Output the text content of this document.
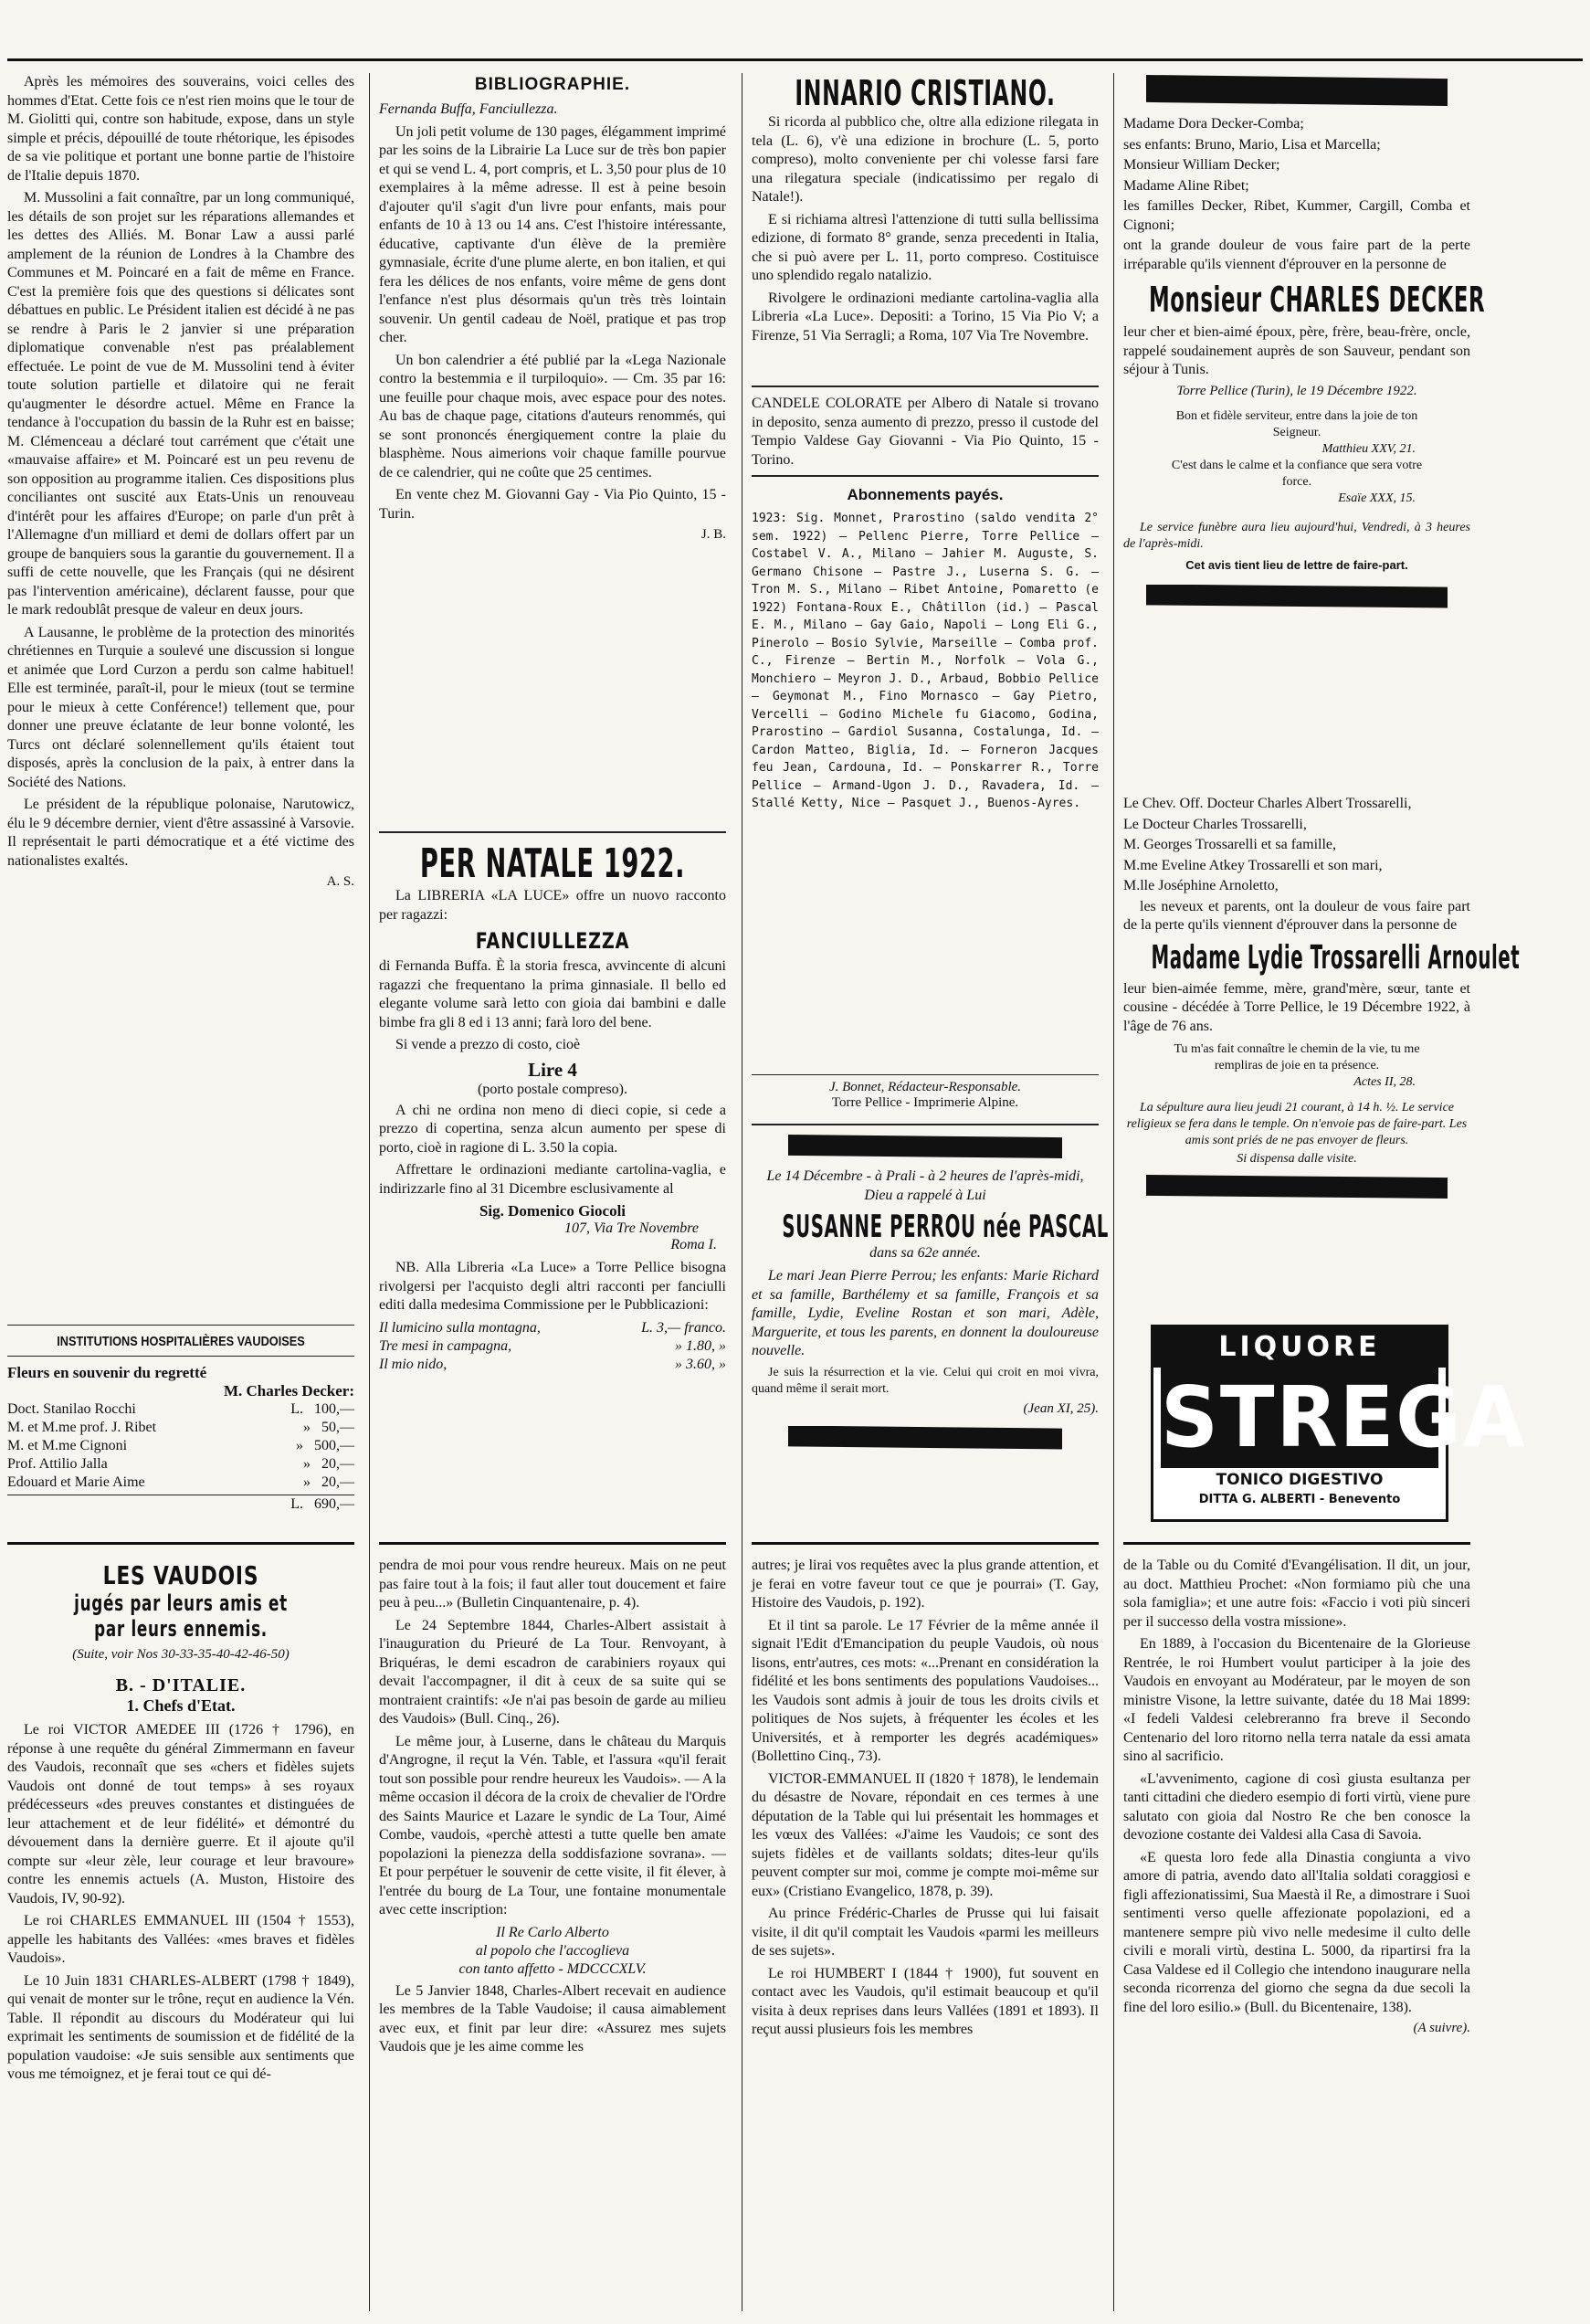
Après les mémoires des souverains, voici celles des hommes d'Etat. Cette fois ce n'est rien moins que le tour de M. Giolitti qui, contre son habitude, expose, dans un style simple et précis, dépouillé de toute rhétorique, les épisodes de sa vie politique et portant une bonne partie de l'histoire de l'Italie depuis 1870.

M. Mussolini a fait connaître, par un long communiqué, les détails de son projet sur les réparations allemandes et les dettes des Alliés. M. Bonar Law a aussi parlé amplement de la réunion de Londres à la Chambre des Communes et M. Poincaré en a fait de même en France. C'est la première fois que des questions si délicates sont débattues en public. Le Président italien est décidé à ne pas se rendre à Paris le 2 janvier si une préparation diplomatique convenable n'est pas préalablement effectuée. Le point de vue de M. Mussolini tend à éviter toute solution partielle et dilatoire qui ne ferait qu'augmenter le désordre actuel. Même en France la tendance à l'occupation du bassin de la Ruhr est en baisse; M. Clémenceau a déclaré tout carrément que c'était une «mauvaise affaire» et M. Poincaré est un peu revenu de son opposition au programme italien. Ces dispositions plus conciliantes ont suscité aux Etats-Unis un renouveau d'intérêt pour les affaires d'Europe; on parle d'un prêt à l'Allemagne d'un milliard et demi de dollars offert par un groupe de banquiers sous la garantie du gouvernement. Il a suffi de cette nouvelle, que les Français (qui ne désirent pas l'intervention américaine), déclarent fausse, pour que le mark redoublât presque de valeur en deux jours.

A Lausanne, le problème de la protection des minorités chrétiennes en Turquie a soulevé une discussion si longue et animée que Lord Curzon a perdu son calme habituel! Elle est terminée, paraît-il, pour le mieux (tout se termine pour le mieux à cette Conférence!) tellement que, pour donner une preuve éclatante de leur bonne volonté, les Turcs ont déclaré solennellement qu'ils étaient tout disposés, après la conclusion de la paix, à entrer dans la Société des Nations.

Le président de la république polonaise, Narutowicz, élu le 9 décembre dernier, vient d'être assassiné à Varsovie. Il représentait le parti démocratique et a été victime des nationalistes exaltés.

A. S.
INSTITUTIONS HOSPITALIÈRES VAUDOISES
Fleurs en souvenir du regretté
M. Charles Decker:
Doct. Stanilao Rocchi	L. 100,—
M. et M.me prof. J. Ribet	» 50,—
M. et M.me Cignoni	» 500,—
Prof. Attilio Jalla	» 20,—
Edouard et Marie Aime	» 20,—
L. 690,—
LES VAUDOIS
jugés par leurs amis et par leurs ennemis.
(Suite, voir Nos 30-33-35-40-42-46-50)
B. - D'ITALIE.
1. Chefs d'Etat.

Le roi VICTOR AMEDEE III (1726 † 1796), en réponse à une requête du général Zimmermann en faveur des Vaudois, reconnaît que ses «chers et fidèles sujets Vaudois ont donné de tout temps» à ses royaux prédécesseurs «des preuves constantes et distinguées de leur attachement et de leur fidélité» et démontré du dévouement dans la dernière guerre. Et il ajoute qu'il compte sur «leur zèle, leur courage et leur bravoure» contre les ennemis actuels (A. Muston, Histoire des Vaudois, IV, 90-92).

Le roi CHARLES EMMANUEL III (1504 † 1553), appelle les habitants des Vallées: «mes braves et fidèles Vaudois».

Le 10 Juin 1831 CHARLES-ALBERT (1798 † 1849), qui venait de monter sur le trône, reçut en audience la Vén. Table. Il répondit au discours du Modérateur qui lui exprimait les sentiments de soumission et de fidélité de la population vaudoise: «Je suis sensible aux sentiments que vous me témoignez, et je ferai tout ce qui dé-

BIBLIOGRAPHIE.

Fernanda Buffa, Fanciullezza.

Un joli petit volume de 130 pages, élégamment imprimé par les soins de la Librairie La Luce sur de très bon papier et qui se vend L. 4, port compris, et L. 3,50 pour plus de 10 exemplaires à la même adresse. Il est à peine besoin d'ajouter qu'il s'agit d'un livre pour enfants, mais pour enfants de 10 à 13 ou 14 ans. C'est l'histoire intéressante, éducative, captivante d'un élève de la première gymnasiale, écrite d'une plume alerte, en bon italien, et qui fera les délices de nos enfants, voire même de gens dont l'enfance n'est plus désormais qu'un très très lointain souvenir. Un gentil cadeau de Noël, pratique et pas trop cher.

Un bon calendrier a été publié par la «Lega Nazionale contro la bestemmia e il turpiloquio». — Cm. 35 par 16: une feuille pour chaque mois, avec espace pour des notes. Au bas de chaque page, citations d'auteurs renommés, qui se sont prononcés énergiquement contre la plaie du blasphème. Nous aimerions voir chaque famille pourvue de ce calendrier, qui ne coûte que 25 centimes.

En vente chez M. Giovanni Gay - Via Pio Quinto, 15 - Turin.

J. B.
PER NATALE 1922.

La LIBRERIA «LA LUCE» offre un nuovo racconto per ragazzi:

FANCIULLEZZA

di Fernanda Buffa. È la storia fresca, avvincente di alcuni ragazzi che frequentano la prima ginnasiale. Il bello ed elegante volume sarà letto con gioia dai bambini e dalle bimbe fra gli 8 ed i 13 anni; farà loro del bene.

Si vende a prezzo di costo, cioè

Lire 4
(porto postale compreso).

A chi ne ordina non meno di dieci copie, si cede a prezzo di copertina, senza alcun aumento per spese di porto, cioè in ragione di L. 3.50 la copia.

Affrettare le ordinazioni mediante cartolina-vaglia, e indirizzarle fino al 31 Dicembre esclusivamente al

Sig. Domenico Giocoli
107, Via Tre Novembre
Roma I.

NB. Alla Libreria «La Luce» a Torre Pellice bisogna rivolgersi per l'acquisto degli altri racconti per fanciulli editi dalla medesima Commissione per le Pubblicazioni:

Il lumicino sulla montagna,	L. 3,— franco.
Tre mesi in campagna,	» 1.80, »
Il mio nido,	» 3.60, »

pendra de moi pour vous rendre heureux. Mais on ne peut pas faire tout à la fois; il faut aller tout doucement et faire peu à peu...» (Bulletin Cinquantenaire, p. 4).

Le 24 Septembre 1844, Charles-Albert assistait à l'inauguration du Prieuré de La Tour. Renvoyant, à Briquéras, le demi escadron de carabiniers royaux qui devait l'accompagner, il dit à ceux de sa suite qui se montraient craintifs: «Je n'ai pas besoin de garde au milieu des Vaudois» (Bull. Cinq., 26).

Le même jour, à Luserne, dans le château du Marquis d'Angrogne, il reçut la Vén. Table, et l'assura «qu'il ferait tout son possible pour rendre heureux les Vaudois». — A la même occasion il décora de la croix de chevalier de l'Ordre des Saints Maurice et Lazare le syndic de La Tour, Aimé Combe, vaudois, «perchè attesti a tutte quelle ben amate popolazioni la pienezza della soddisfazione sovrana». — Et pour perpétuer le souvenir de cette visite, il fit élever, à l'entrée du bourg de La Tour, une fontaine monumentale avec cette inscription:

Il Re Carlo Alberto
al popolo che l'accoglieva
con tanto affetto - MDCCCXLV.

Le 5 Janvier 1848, Charles-Albert recevait en audience les membres de la Table Vaudoise; il causa aimablement avec eux, et finit par leur dire: «Assurez mes sujets Vaudois que je les aime comme les

INNARIO CRISTIANO.

Si ricorda al pubblico che, oltre alla edizione rilegata in tela (L. 6), v'è una edizione in brochure (L. 5, porto compreso), molto conveniente per chi volesse farsi fare una rilegatura speciale (indicatissimo per regalo di Natale!).

E si richiama altresì l'attenzione di tutti sulla bellissima edizione, di formato 8° grande, senza precedenti in Italia, che si può avere per L. 11, porto compreso. Costituisce uno splendido regalo natalizio.

Rivolgere le ordinazioni mediante cartolina-vaglia alla Libreria «La Luce». Depositi: a Torino, 15 Via Pio V; a Firenze, 51 Via Serragli; a Roma, 107 Via Tre Novembre.

CANDELE COLORATE per Albero di Natale si trovano in deposito, senza aumento di prezzo, presso il custode del Tempio Valdese Gay Giovanni - Via Pio Quinto, 15 - Torino.

Abonnements payés.

1923: Sig. Monnet, Prarostino (saldo vendita 2° sem. 1922) — Pellenc Pierre, Torre Pellice — Costabel V. A., Milano — Jahier M. Auguste, S. Germano Chisone — Pastre J., Luserna S. G. — Tron M. S., Milano — Ribet Antoine, Pomaretto (e 1922) Fontana-Roux E., Châtillon (id.) — Pascal E. M., Milano — Gay Gaio, Napoli — Long Eli G., Pinerolo — Bosio Sylvie, Marseille — Comba prof. C., Firenze — Bertin M., Norfolk — Vola G., Monchiero — Meyron J. D., Arbaud, Bobbio Pellice — Geymonat M., Fino Mornasco — Gay Pietro, Vercelli — Godino Michele fu Giacomo, Godina, Prarostino — Gardiol Susanna, Costalunga, Id. — Cardon Matteo, Biglia, Id. — Forneron Jacques feu Jean, Cardouna, Id. — Ponskarrer R., Torre Pellice — Armand-Ugon J. D., Ravadera, Id. — Stallé Ketty, Nice — Pasquet J., Buenos-Ayres.

J. Bonnet, Rédacteur-Responsable.
Torre Pellice - Imprimerie Alpine.

Le 14 Décembre - à Prali - à 2 heures de l'après-midi, Dieu a rappelé à Lui

SUSANNE PERROU née PASCAL
dans sa 62e année.

Le mari Jean Pierre Perrou; les enfants: Marie Richard et sa famille, Barthélemy et sa famille, François et sa famille, Lydie, Eveline Rostan et son mari, Adèle, Marguerite, et tous les parents, en donnent la douloureuse nouvelle.

Je suis la résurrection et la vie. Celui qui croit en moi vivra, quand même il serait mort.

(Jean XI, 25).

autres; je lirai vos requêtes avec la plus grande attention, et je ferai en votre faveur tout ce que je pourrai» (T. Gay, Histoire des Vaudois, p. 192).

Et il tint sa parole. Le 17 Février de la même année il signait l'Edit d'Emancipation du peuple Vaudois, où nous lisons, entr'autres, ces mots: «...Prenant en considération la fidélité et les bons sentiments des populations Vaudoises... les Vaudois sont admis à jouir de tous les droits civils et politiques de Nos sujets, à fréquenter les écoles et les Universités, et à remporter les degrés académiques» (Bollettino Cinq., 73).

VICTOR-EMMANUEL II (1820 † 1878), le lendemain du désastre de Novare, répondait en ces termes à une députation de la Table qui lui présentait les hommages et les vœux des Vallées: «J'aime les Vaudois; ce sont des sujets fidèles et de vaillants soldats; dites-leur qu'ils peuvent compter sur moi, comme je compte moi-même sur eux» (Cristiano Evangelico, 1878, p. 39).

Au prince Frédéric-Charles de Prusse qui lui faisait visite, il dit qu'il comptait les Vaudois «parmi les meilleurs de ses sujets».

Le roi HUMBERT I (1844 † 1900), fut souvent en contact avec les Vaudois, qu'il estimait beaucoup et qu'il visita à deux reprises dans leurs Vallées (1891 et 1893). Il reçut aussi plusieurs fois les membres

Madame Dora Decker-Comba;

ses enfants: Bruno, Mario, Lisa et Marcella;

Monsieur William Decker;

Madame Aline Ribet;

les familles Decker, Ribet, Kummer, Cargill, Comba et Cignoni;

ont la grande douleur de vous faire part de la perte irréparable qu'ils viennent d'éprouver en la personne de

Monsieur CHARLES DECKER

leur cher et bien-aimé époux, père, frère, beau-frère, oncle, rappelé soudainement auprès de son Sauveur, pendant son séjour à Tunis.

Torre Pellice (Turin), le 19 Décembre 1922.
Bon et fidèle serviteur, entre dans la joie de ton Seigneur.
Matthieu XXV, 21.
C'est dans le calme et la confiance que sera votre force.
Esaïe XXX, 15.

Le service funèbre aura lieu aujourd'hui, Vendredi, à 3 heures de l'après-midi.

Cet avis tient lieu de lettre de faire-part.

Le Chev. Off. Docteur Charles Albert Trossarelli,

Le Docteur Charles Trossarelli,

M. Georges Trossarelli et sa famille,

M.me Eveline Atkey Trossarelli et son mari,

M.lle Joséphine Arnoletto,

les neveux et parents, ont la douleur de vous faire part de la perte qu'ils viennent d'éprouver dans la personne de

Madame Lydie Trossarelli Arnoulet

leur bien-aimée femme, mère, grand'mère, sœur, tante et cousine - décédée à Torre Pellice, le 19 Décembre 1922, à l'âge de 76 ans.

Tu m'as fait connaître le chemin de la vie, tu me rempliras de joie en ta présence.
Actes II, 28.

La sépulture aura lieu jeudi 21 courant, à 14 h. ½. Le service religieux se fera dans le temple. On n'envoie pas de faire-part. Les amis sont priés de ne pas envoyer de fleurs.

Si dispensa dalle visite.
LIQUORE
STREGA
TONICO DIGESTIVO
DITTA G. ALBERTI - Benevento

de la Table ou du Comité d'Evangélisation. Il dit, un jour, au doct. Matthieu Prochet: «Non formiamo più che una sola famiglia»; et une autre fois: «Faccio i voti più sinceri per il successo della vostra missione».

En 1889, à l'occasion du Bicentenaire de la Glorieuse Rentrée, le roi Humbert voulut participer à la joie des Vaudois en envoyant au Modérateur, par le moyen de son ministre Visone, la lettre suivante, datée du 18 Mai 1899: «I fedeli Valdesi celebreranno fra breve il Secondo Centenario del loro ritorno nella terra natale da essi amata sino al sacrificio.

«L'avvenimento, cagione di così giusta esultanza per tanti cittadini che diedero esempio di forti virtù, viene pure salutato con gioia dal Nostro Re che ben conosce la devozione costante dei Valdesi alla Casa di Savoia.

«E questa loro fede alla Dinastia congiunta a vivo amore di patria, avendo dato all'Italia soldati coraggiosi e figli affezionatissimi, Sua Maestà il Re, a dimostrare i Suoi sentimenti verso quelle affezionate popolazioni, ed a mantenere sempre più vivo nelle medesime il culto delle civili e morali virtù, destina L. 5000, da ripartirsi fra la Casa Valdese ed il Collegio che intendono inaugurare nella seconda ricorrenza del giorno che segna da due secoli la fine del loro esilio.» (Bull. du Bicentenaire, 138).

(A suivre).
